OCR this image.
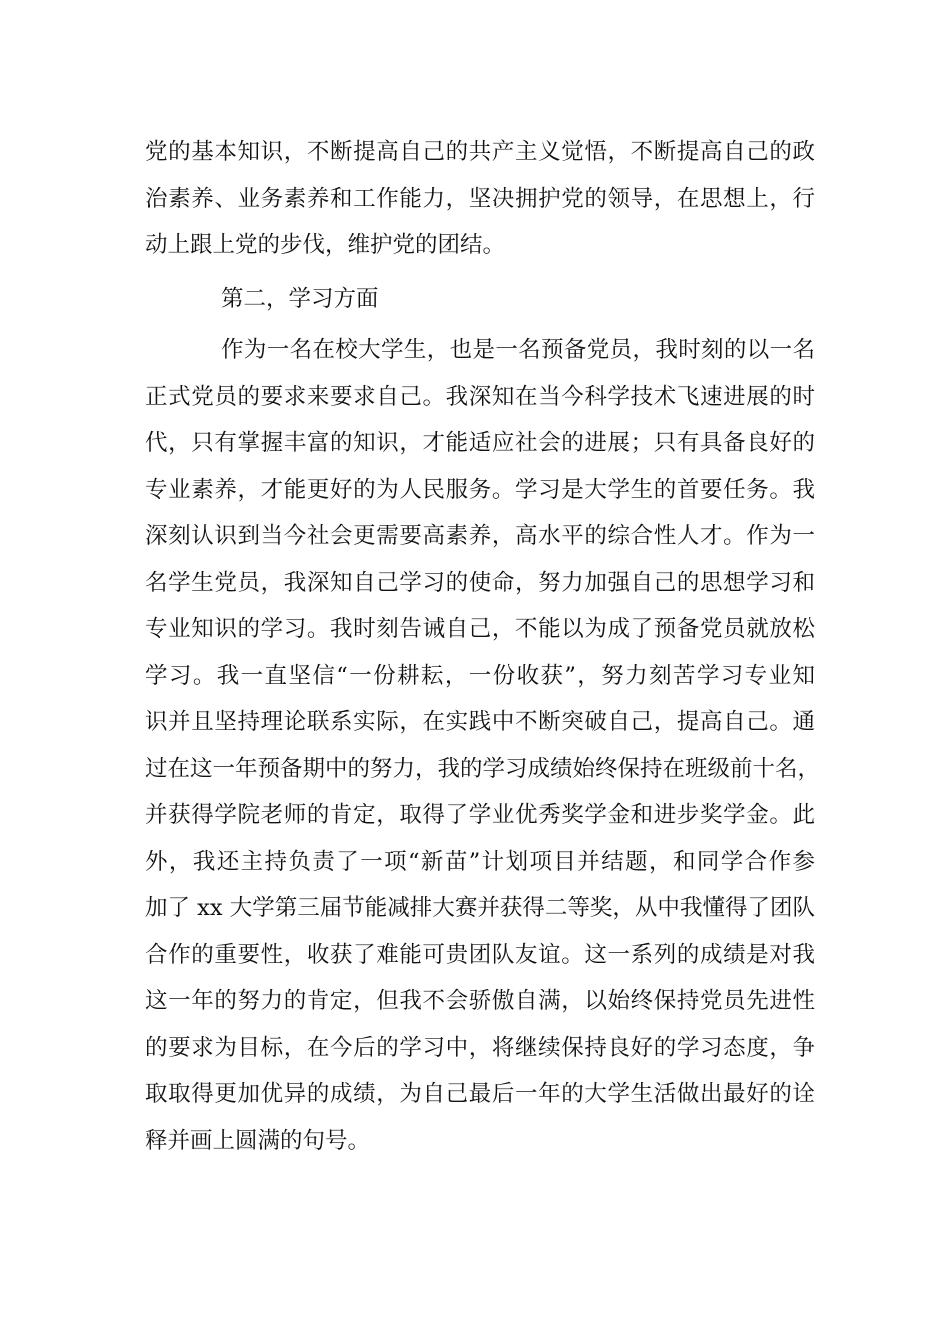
党的基本知识，不断提高自己的共产主义觉悟，不断提高自己的政
治素养、业务素养和工作能力，坚决拥护党的领导，在思想上，行
动上跟上党的步伐，维护党的团结。
第二，学习方面
作为一名在校大学生，也是一名预备党员，我时刻的以一名
正式党员的要求来要求自己。我深知在当今科学技术飞速进展的时
代，只有掌握丰富的知识，才能适应社会的进展；只有具备良好的
专业素养，才能更好的为人民服务。学习是大学生的首要任务。我
深刻认识到当今社会更需要高素养，高水平的综合性人才。作为一
名学生党员，我深知自己学习的使命，努力加强自己的思想学习和
专业知识的学习。我时刻告诫自己，不能以为成了预备党员就放松
学习。我一直坚信“一份耕耘，一份收获”，努力刻苦学习专业知
识并且坚持理论联系实际，在实践中不断突破自己，提高自己。通
过在这一年预备期中的努力，我的学习成绩始终保持在班级前十名，
并获得学院老师的肯定，取得了学业优秀奖学金和进步奖学金。此
外，我还主持负责了一项“新苗”计划项目并结题，和同学合作参
加了 xx 大学第三届节能减排大赛并获得二等奖，从中我懂得了团队
合作的重要性，收获了难能可贵团队友谊。这一系列的成绩是对我
这一年的努力的肯定，但我不会骄傲自满，以始终保持党员先进性
的要求为目标，在今后的学习中，将继续保持良好的学习态度，争
取取得更加优异的成绩，为自己最后一年的大学生活做出最好的诠
释并画上圆满的句号。
